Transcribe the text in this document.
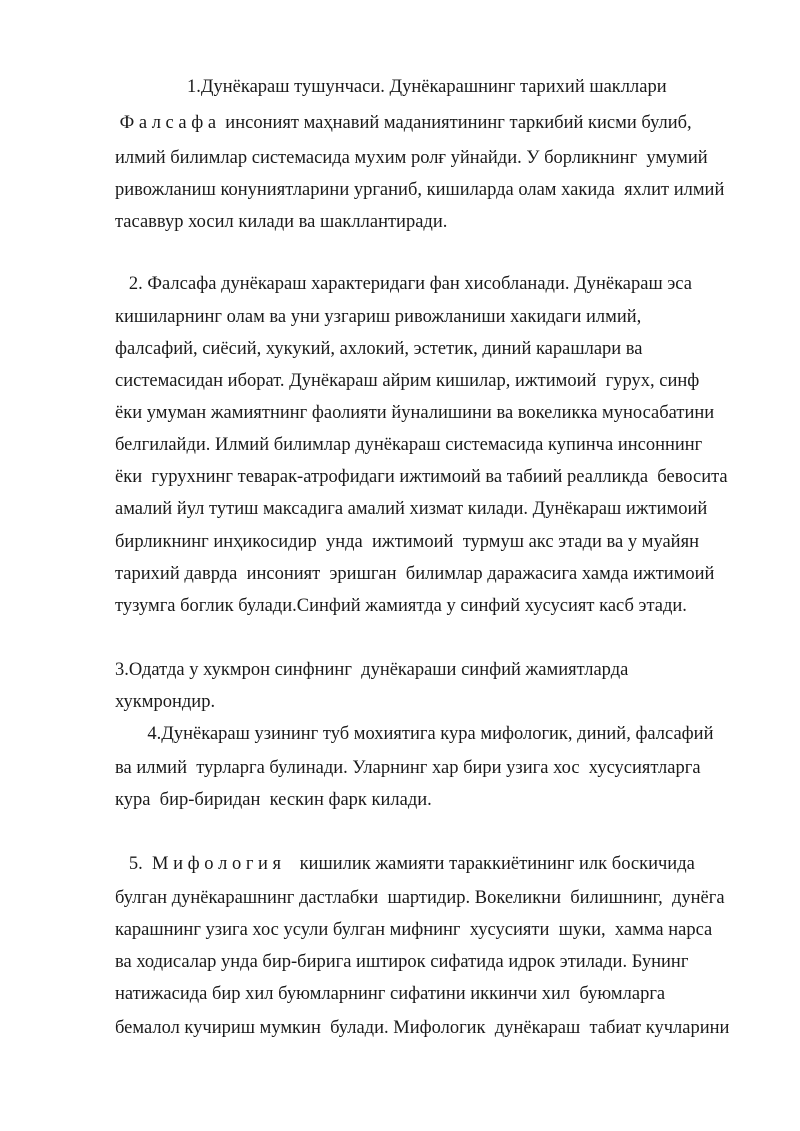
1.Дунёкараш тушунчаси. Дунёкарашнинг тарихий шакллари
Ф а л с а ф а  инсоният маҳнавий маданиятининг таркибий кисми булиб,
илмий билимлар системасида мухим ролғ уйнайди. У борликнинг  умумий
ривожланиш конуниятларини урганиб, кишиларда олам хакида  яхлит илмий
тасаввур хосил килади ва шакллантиради.
2. Фалсафа дунёкараш характеридаги фан хисобланади. Дунёкараш эса
кишиларнинг олам ва уни узгариш ривожланиши хакидаги илмий,
фалсафий, сиёсий, хукукий, ахлокий, эстетик, диний карашлари ва
системасидан иборат. Дунёкараш айрим кишилар, ижтимоий  гурух, синф
ёки умуман жамиятнинг фаолияти йуналишини ва вокеликка муносабатини
белгилайди. Илмий билимлар дунёкараш системасида купинча инсоннинг
ёки  гурухнинг теварак-атрофидаги ижтимоий ва табиий реалликда  бевосита
амалий йул тутиш максадига амалий хизмат килади. Дунёкараш ижтимоий
бирликнинг инҳикосидир  унда  ижтимоий  турмуш акс этади ва у муайян
тарихий даврда  инсоният  эришган  билимлар даражасига хамда ижтимоий
тузумга боглик булади.Синфий жамиятда у синфий хусусият касб этади.
3.Одатда у хукмрон синфнинг  дунёкараши синфий жамиятларда
хукмрондир.
4.Дунёкараш узининг туб мохиятига кура мифологик, диний, фалсафий
ва илмий  турларга булинади. Уларнинг хар бири узига хос  хусусиятларга
кура  бир-биридан  кескин фарк килади.
5.  М и ф о л о г и я    кишилик жамияти тараккиётининг илк боскичида
булган дунёкарашнинг дастлабки  шартидир. Вокеликни  билишнинг,  дунёга
карашнинг узига хос усули булган мифнинг  хусусияти  шуки,  хамма нарса
ва ходисалар унда бир-бирига иштирок сифатида идрок этилади. Бунинг
натижасида бир хил буюмларнинг сифатини иккинчи хил  буюмларга
бемалол кучириш мумкин  булади. Мифологик  дунёкараш  табиат кучларини
